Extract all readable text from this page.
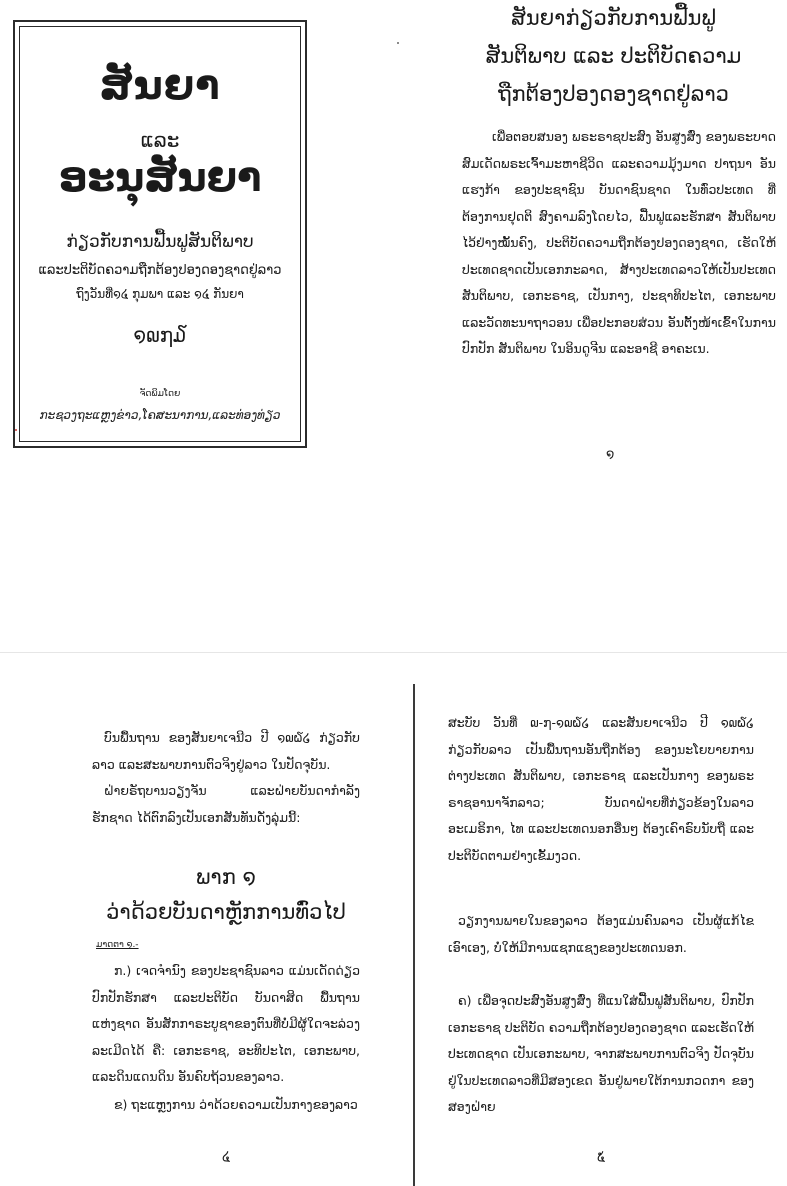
ສັນຍາ
ແລະ
ອະນຸສັນຍາ
ກ່ຽວກັບການຟື້ນຟູສັນຕິພາບ
ແລະປະຕິບັດຄວາມຖືກຕ້ອງປອງດອງຊາດຢູ່ລາວ
ຖົງວັນທີ່໑໔ ກຸມພາ ແລະ ໑໔ ກັນຍາ
໑໙໗໓
ຈັດພິມໂດຍ
ກະຊວງຖະແຫຼງຂ່າວ,ໂຄສະນາການ,ແລະທ່ອງທ່ຽວ
ສັນຍາກ່ຽວກັບການຟື້ນຟູ
ສັນຕິພາບ ແລະ ປະຕິບັດຄວາມ
ຖືກຕ້ອງປອງດອງຊາດຢູ່ລາວ
ເພື່ອຕອບສນອງ ພຣະຣາຊປະສົງ ອັນສູງສົ່ງ ຂອງພຣະບາດສົມເດັດພຣະເຈົ້າມະຫາຊີວິດ ແລະຄວາມມຸ້ງມາດ ປາຖນາ ອັນແຮງກ້າ ຂອງປະຊາຊົນ ບັນດາຊົນຊາດ ໃນທົ່ວປະເທດ ທີ່ຕ້ອງການຢຸດຕິ ສົງຄາມລົງໂດຍໄວ, ຟື້ນຟູແລະຮັກສາ ສັນຕິພາບໄວ້ຢ່າງໝັ້ນຄົງ, ປະຕິບັດຄວາມຖືກຕ້ອງປອງດອງຊາດ, ເຮັດໃຫ້ປະເທດຊາດເປັນເອກກະລາດ, ສ້າງປະເທດລາວໃຫ້ເປັນປະເທດສັນຕິພາບ, ເອກະຣາຊ, ເປັນກາງ, ປະຊາທິປະໄຕ, ເອກະພາບ ແລະວັດທະນາຖາວອນ ເພື່ອປະກອບສ່ວນ ອັນຕັ້ງໜ້າເຂົ້າໃນການປົກປັກ ສັນຕິພາບ ໃນອິນດູຈີນ ແລະອາຊີ ອາຄະເນ.
໑
ບົນພື້ນຖານ ຂອງສັນຍາເຈນີວ ປີ ໑໙໖໒ ກ່ຽວກັບລາວ ແລະສະພາບການຕົວຈິງຢູ່ລາວ ໃນປັດຈຸບັນ.
ຝ່າຍຣັຖບານວຽງຈັນ ແລະຝ່າຍບັນດາກຳລັງຮັກຊາດ ໄດ້ຕົກລົງເປັນເອກສັນທັນດັ່ງລຸ່ມນີ້:
ພາກ ໑
ວ່າດ້ວຍບັນດາຫຼັກການທົ່ວໄປ
ມາດຕາ ໑.-
ກ.) ເຈດຈຳນົງ ຂອງປະຊາຊົນລາວ ແມ່ນເດັດດ່ຽວປົກປັກຮັກສາ ແລະປະຕິບັດ ບັນດາສິດ ພື້ນຖານແຫ່ງຊາດ ອັນສັກກາຣະບູຊາຂອງຕົນທີ່ບໍ່ມີຜູ້ໃດຈະລ່ວງລະເມີດໄດ້ ຄື: ເອກະຣາຊ, ອະທິປະໄຕ, ເອກະພາບ, ແລະດິນແດນດິນ ອັນຄົບຖ້ວນຂອງລາວ.
ຂ) ຖະແຫຼງການ ວ່າດ້ວຍຄວາມເປັນກາງຂອງລາວ
໔
ສະບັບ ວັນທີ່ ໙-໗-໑໙໖໒ ແລະສັນຍາເຈນີວ ປີ ໑໙໖໒ ກ່ຽວກັບລາວ ເປັນພື້ນຖານອັນຖືກຕ້ອງ ຂອງນະໂຍບາຍການຕ່າງປະເທດ ສັນຕິພາບ, ເອກະຣາຊ ແລະເປັນກາງ ຂອງພຣະຣາຊອານາຈັກລາວ; ບັນດາຝ່າຍທີ່ກ່ຽວຂ້ອງໃນລາວ ອະເມຣິກາ, ໄທ ແລະປະເທດນອກອື່ນໆ ຕ້ອງເຄົາຣົບນັບຖື ແລະ ປະຕິບັດຕາມຢ່າງເຂັ້ມງວດ.
ວຽກງານພາຍໃນຂອງລາວ ຕ້ອງແມ່ນຄົນລາວ ເປັນຜູ້ແກ້ໄຂເອົາເອງ, ບໍ່ໃຫ້ມີການແຊກແຊງຂອງປະເທດນອກ.
ຄ) ເພື່ອຈຸດປະສົງອັນສູງສົ່ງ ທີ່ແນໃສ່ຟື້ນຟູສັນຕິພາບ, ປົກປັກເອກະຣາຊ ປະຕິບັດ ຄວາມຖືກຕ້ອງປອງດອງຊາດ ແລະເຮັດໃຫ້ປະເທດຊາດ ເປັນເອກະພາບ, ຈາກສະພາບການຕົວຈິງ ປັດຈຸບັນຢູ່ໃນປະເທດລາວທີ່ມີສອງເຂດ ອັນຢູ່ພາຍໃຕ້ການກວດກາ ຂອງສອງຝ່າຍ
໕
